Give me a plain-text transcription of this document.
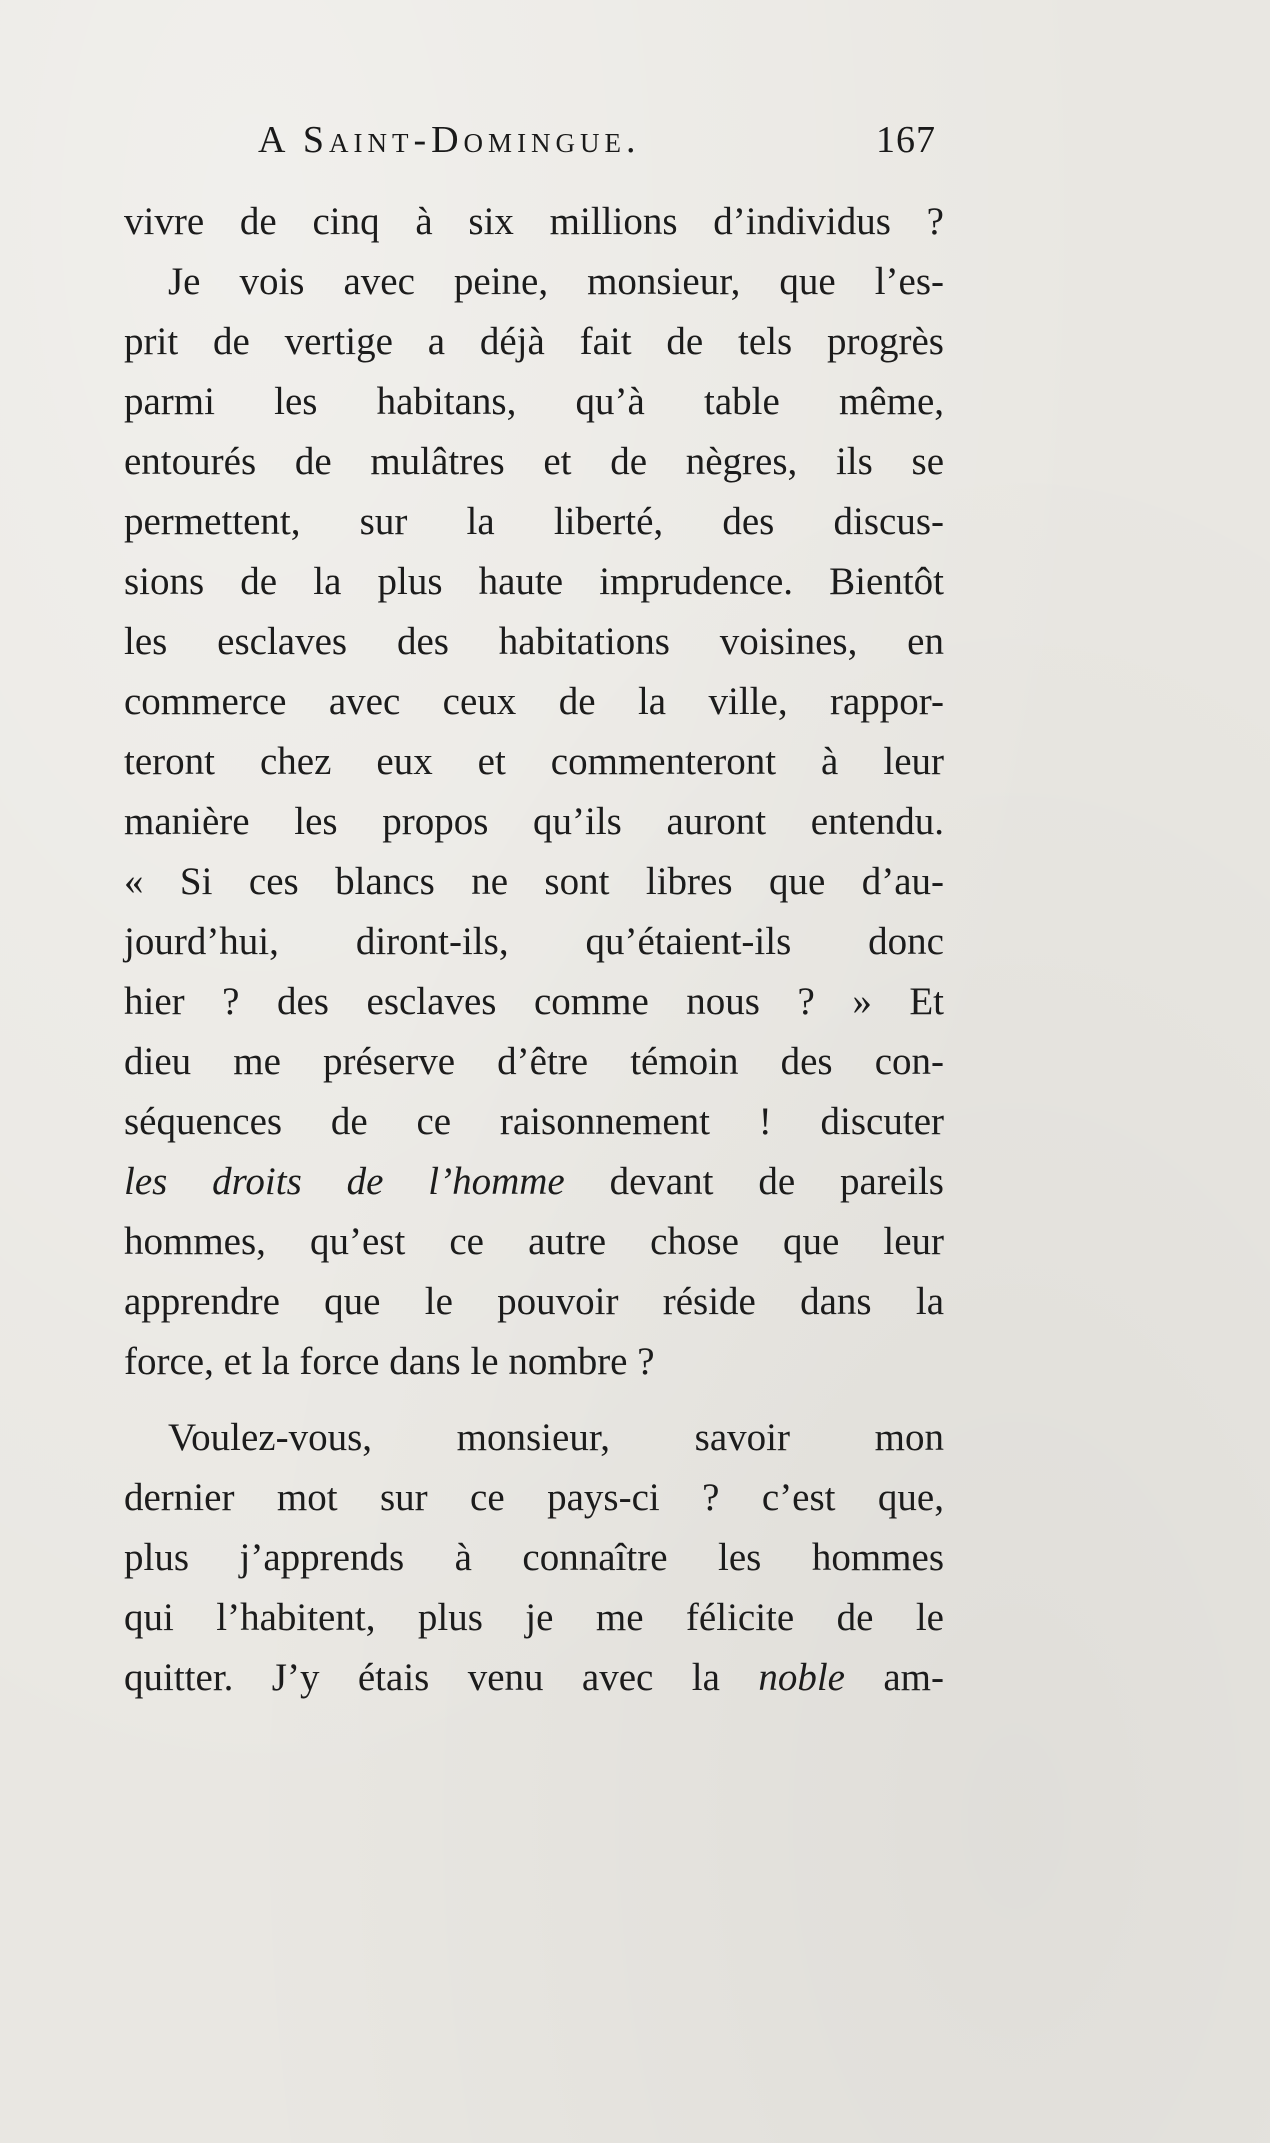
A Saint-Domingue.	167
vivre de cinq à six millions d’individus ?
Je vois avec peine, monsieur, que l’es-
prit de vertige a déjà fait de tels progrès
parmi les habitans, qu’à table même,
entourés de mulâtres et de nègres, ils se
permettent, sur la liberté, des discus-
sions de la plus haute imprudence. Bientôt
les esclaves des habitations voisines, en
commerce avec ceux de la ville, rappor-
teront chez eux et commenteront à leur
manière les propos qu’ils auront entendu.
« Si ces blancs ne sont libres que d’au-
jourd’hui, diront-ils, qu’étaient-ils donc
hier ? des esclaves comme nous ? » Et
dieu me préserve d’être témoin des con-
séquences de ce raisonnement ! discuter
les droits de l’homme devant de pareils
hommes, qu’est ce autre chose que leur
apprendre que le pouvoir réside dans la
force, et la force dans le nombre ?
Voulez-vous, monsieur, savoir mon
dernier mot sur ce pays-ci ? c’est que,
plus j’apprends à connaître les hommes
qui l’habitent, plus je me félicite de le
quitter. J’y étais venu avec la noble am-
